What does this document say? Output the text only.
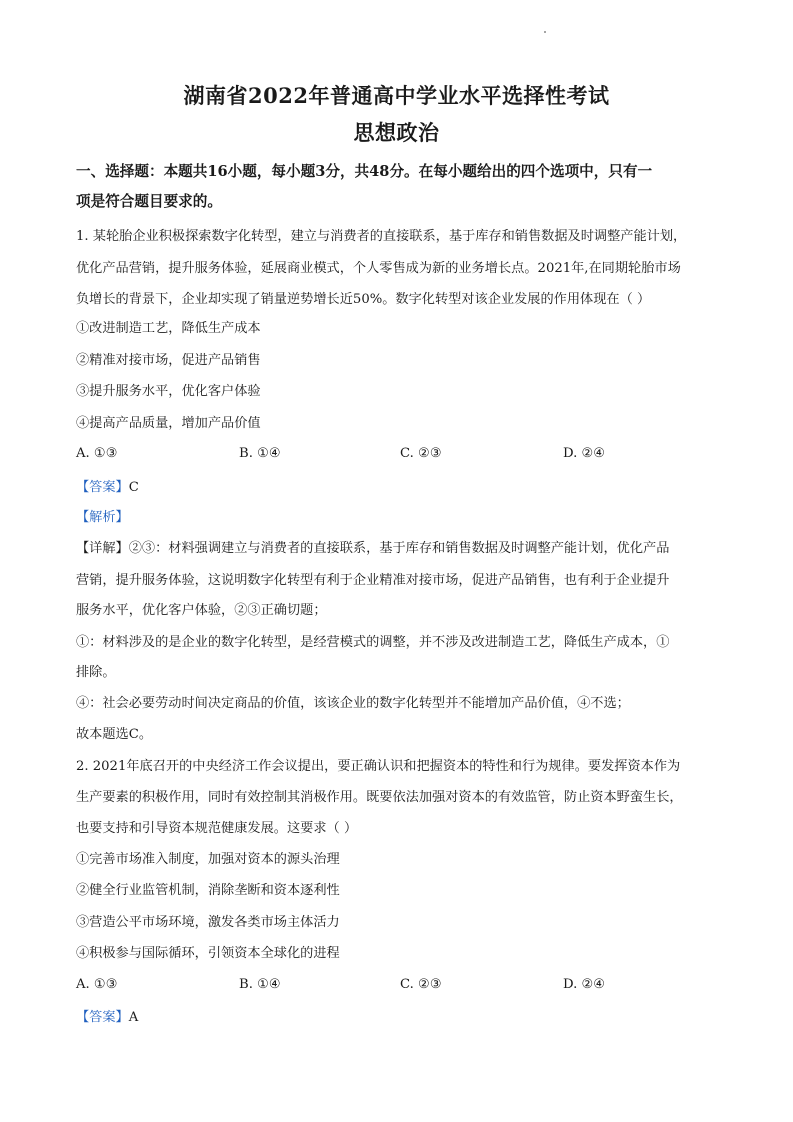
湖南省2022年普通高中学业水平选择性考试
思想政治
一、选择题：本题共16小题，每小题3分，共48分。在每小题给出的四个选项中，只有一
项是符合题目要求的。
1. 某轮胎企业积极探索数字化转型，建立与消费者的直接联系，基于库存和销售数据及时调整产能计划，
优化产品营销，提升服务体验，延展商业模式，个人零售成为新的业务增长点。2021年,在同期轮胎市场
负增长的背景下，企业却实现了销量逆势增长近50%。数字化转型对该企业发展的作用体现在（ ）
①改进制造工艺，降低生产成本
②精准对接市场，促进产品销售
③提升服务水平，优化客户体验
④提高产品质量，增加产品价值
A. ①③	B. ①④	C. ②③	D. ②④
【答案】C
【解析】
【详解】②③：材料强调建立与消费者的直接联系，基于库存和销售数据及时调整产能计划，优化产品
营销，提升服务体验，这说明数字化转型有利于企业精准对接市场，促进产品销售，也有利于企业提升
服务水平，优化客户体验，②③正确切题；
①：材料涉及的是企业的数字化转型，是经营模式的调整，并不涉及改进制造工艺，降低生产成本，①
排除。
④：社会必要劳动时间决定商品的价值，该该企业的数字化转型并不能增加产品价值，④不选；
故本题选C。
2. 2021年底召开的中央经济工作会议提出，要正确认识和把握资本的特性和行为规律。要发挥资本作为
生产要素的积极作用，同时有效控制其消极作用。既要依法加强对资本的有效监管，防止资本野蛮生长，
也要支持和引导资本规范健康发展。这要求（ ）
①完善市场准入制度，加强对资本的源头治理
②健全行业监管机制，消除垄断和资本逐利性
③营造公平市场环境，激发各类市场主体活力
④积极参与国际循环，引领资本全球化的进程
A. ①③	B. ①④	C. ②③	D. ②④
【答案】A
